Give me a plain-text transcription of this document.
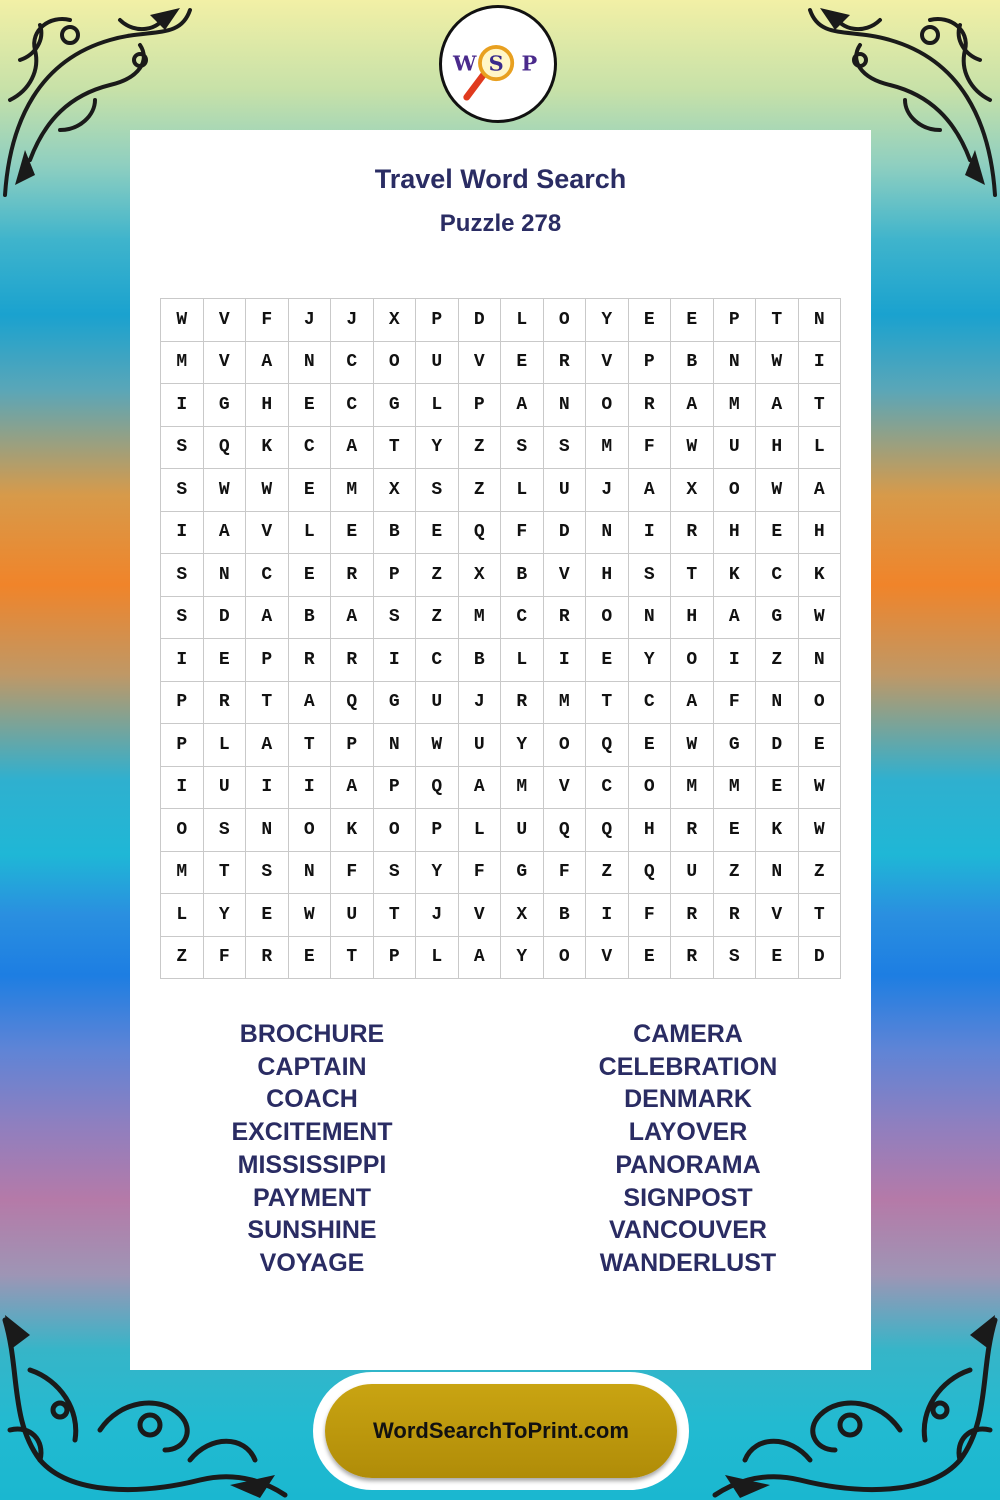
W S P
Travel Word Search
Puzzle 278
W	V	F	J	J	X	P	D	L	O	Y	E	E	P	T	N
M	V	A	N	C	O	U	V	E	R	V	P	B	N	W	I
I	G	H	E	C	G	L	P	A	N	O	R	A	M	A	T
S	Q	K	C	A	T	Y	Z	S	S	M	F	W	U	H	L
S	W	W	E	M	X	S	Z	L	U	J	A	X	O	W	A
I	A	V	L	E	B	E	Q	F	D	N	I	R	H	E	H
S	N	C	E	R	P	Z	X	B	V	H	S	T	K	C	K
S	D	A	B	A	S	Z	M	C	R	O	N	H	A	G	W
I	E	P	R	R	I	C	B	L	I	E	Y	O	I	Z	N
P	R	T	A	Q	G	U	J	R	M	T	C	A	F	N	O
P	L	A	T	P	N	W	U	Y	O	Q	E	W	G	D	E
I	U	I	I	A	P	Q	A	M	V	C	O	M	M	E	W
O	S	N	O	K	O	P	L	U	Q	Q	H	R	E	K	W
M	T	S	N	F	S	Y	F	G	F	Z	Q	U	Z	N	Z
L	Y	E	W	U	T	J	V	X	B	I	F	R	R	V	T
Z	F	R	E	T	P	L	A	Y	O	V	E	R	S	E	D
BROCHURE
CAPTAIN
COACH
EXCITEMENT
MISSISSIPPI
PAYMENT
SUNSHINE
VOYAGE
CAMERA
CELEBRATION
DENMARK
LAYOVER
PANORAMA
SIGNPOST
VANCOUVER
WANDERLUST
WordSearchToPrint.com
